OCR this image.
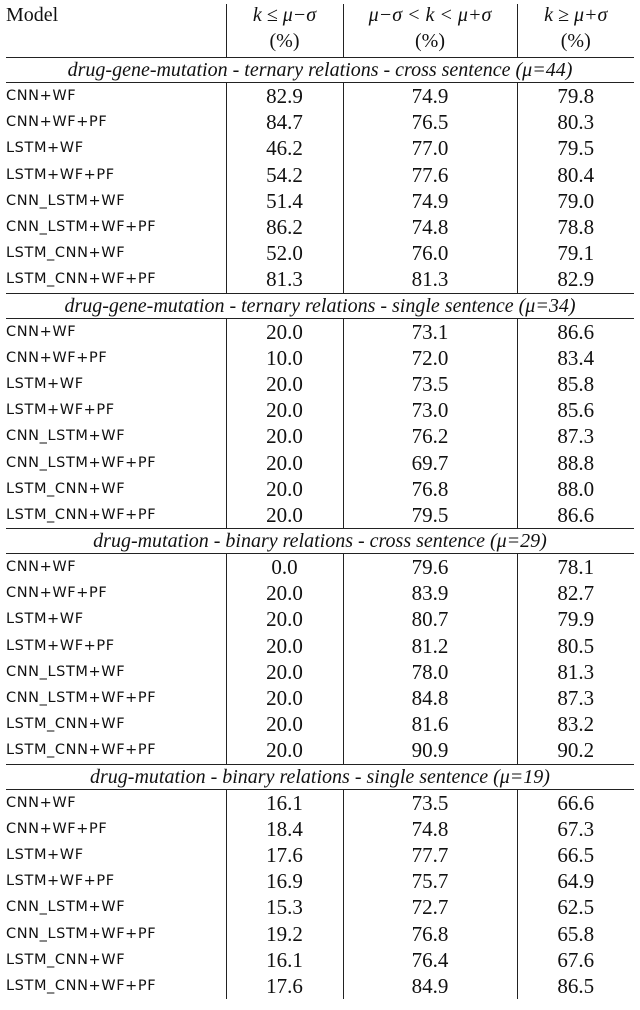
Model	k ≤ μ−σ	μ−σ < k < μ+σ	k ≥ μ+σ
	(%)	(%)	(%)
drug-gene-mutation - ternary relations - cross sentence (μ=44)			
CNN+WF	82.9	74.9	79.8
CNN+WF+PF	84.7	76.5	80.3
LSTM+WF	46.2	77.0	79.5
LSTM+WF+PF	54.2	77.6	80.4
CNN_LSTM+WF	51.4	74.9	79.0
CNN_LSTM+WF+PF	86.2	74.8	78.8
LSTM_CNN+WF	52.0	76.0	79.1
LSTM_CNN+WF+PF	81.3	81.3	82.9
drug-gene-mutation - ternary relations - single sentence (μ=34)			
CNN+WF	20.0	73.1	86.6
CNN+WF+PF	10.0	72.0	83.4
LSTM+WF	20.0	73.5	85.8
LSTM+WF+PF	20.0	73.0	85.6
CNN_LSTM+WF	20.0	76.2	87.3
CNN_LSTM+WF+PF	20.0	69.7	88.8
LSTM_CNN+WF	20.0	76.8	88.0
LSTM_CNN+WF+PF	20.0	79.5	86.6
drug-mutation - binary relations - cross sentence (μ=29)			
CNN+WF	0.0	79.6	78.1
CNN+WF+PF	20.0	83.9	82.7
LSTM+WF	20.0	80.7	79.9
LSTM+WF+PF	20.0	81.2	80.5
CNN_LSTM+WF	20.0	78.0	81.3
CNN_LSTM+WF+PF	20.0	84.8	87.3
LSTM_CNN+WF	20.0	81.6	83.2
LSTM_CNN+WF+PF	20.0	90.9	90.2
drug-mutation - binary relations - single sentence (μ=19)			
CNN+WF	16.1	73.5	66.6
CNN+WF+PF	18.4	74.8	67.3
LSTM+WF	17.6	77.7	66.5
LSTM+WF+PF	16.9	75.7	64.9
CNN_LSTM+WF	15.3	72.7	62.5
CNN_LSTM+WF+PF	19.2	76.8	65.8
LSTM_CNN+WF	16.1	76.4	67.6
LSTM_CNN+WF+PF	17.6	84.9	86.5
